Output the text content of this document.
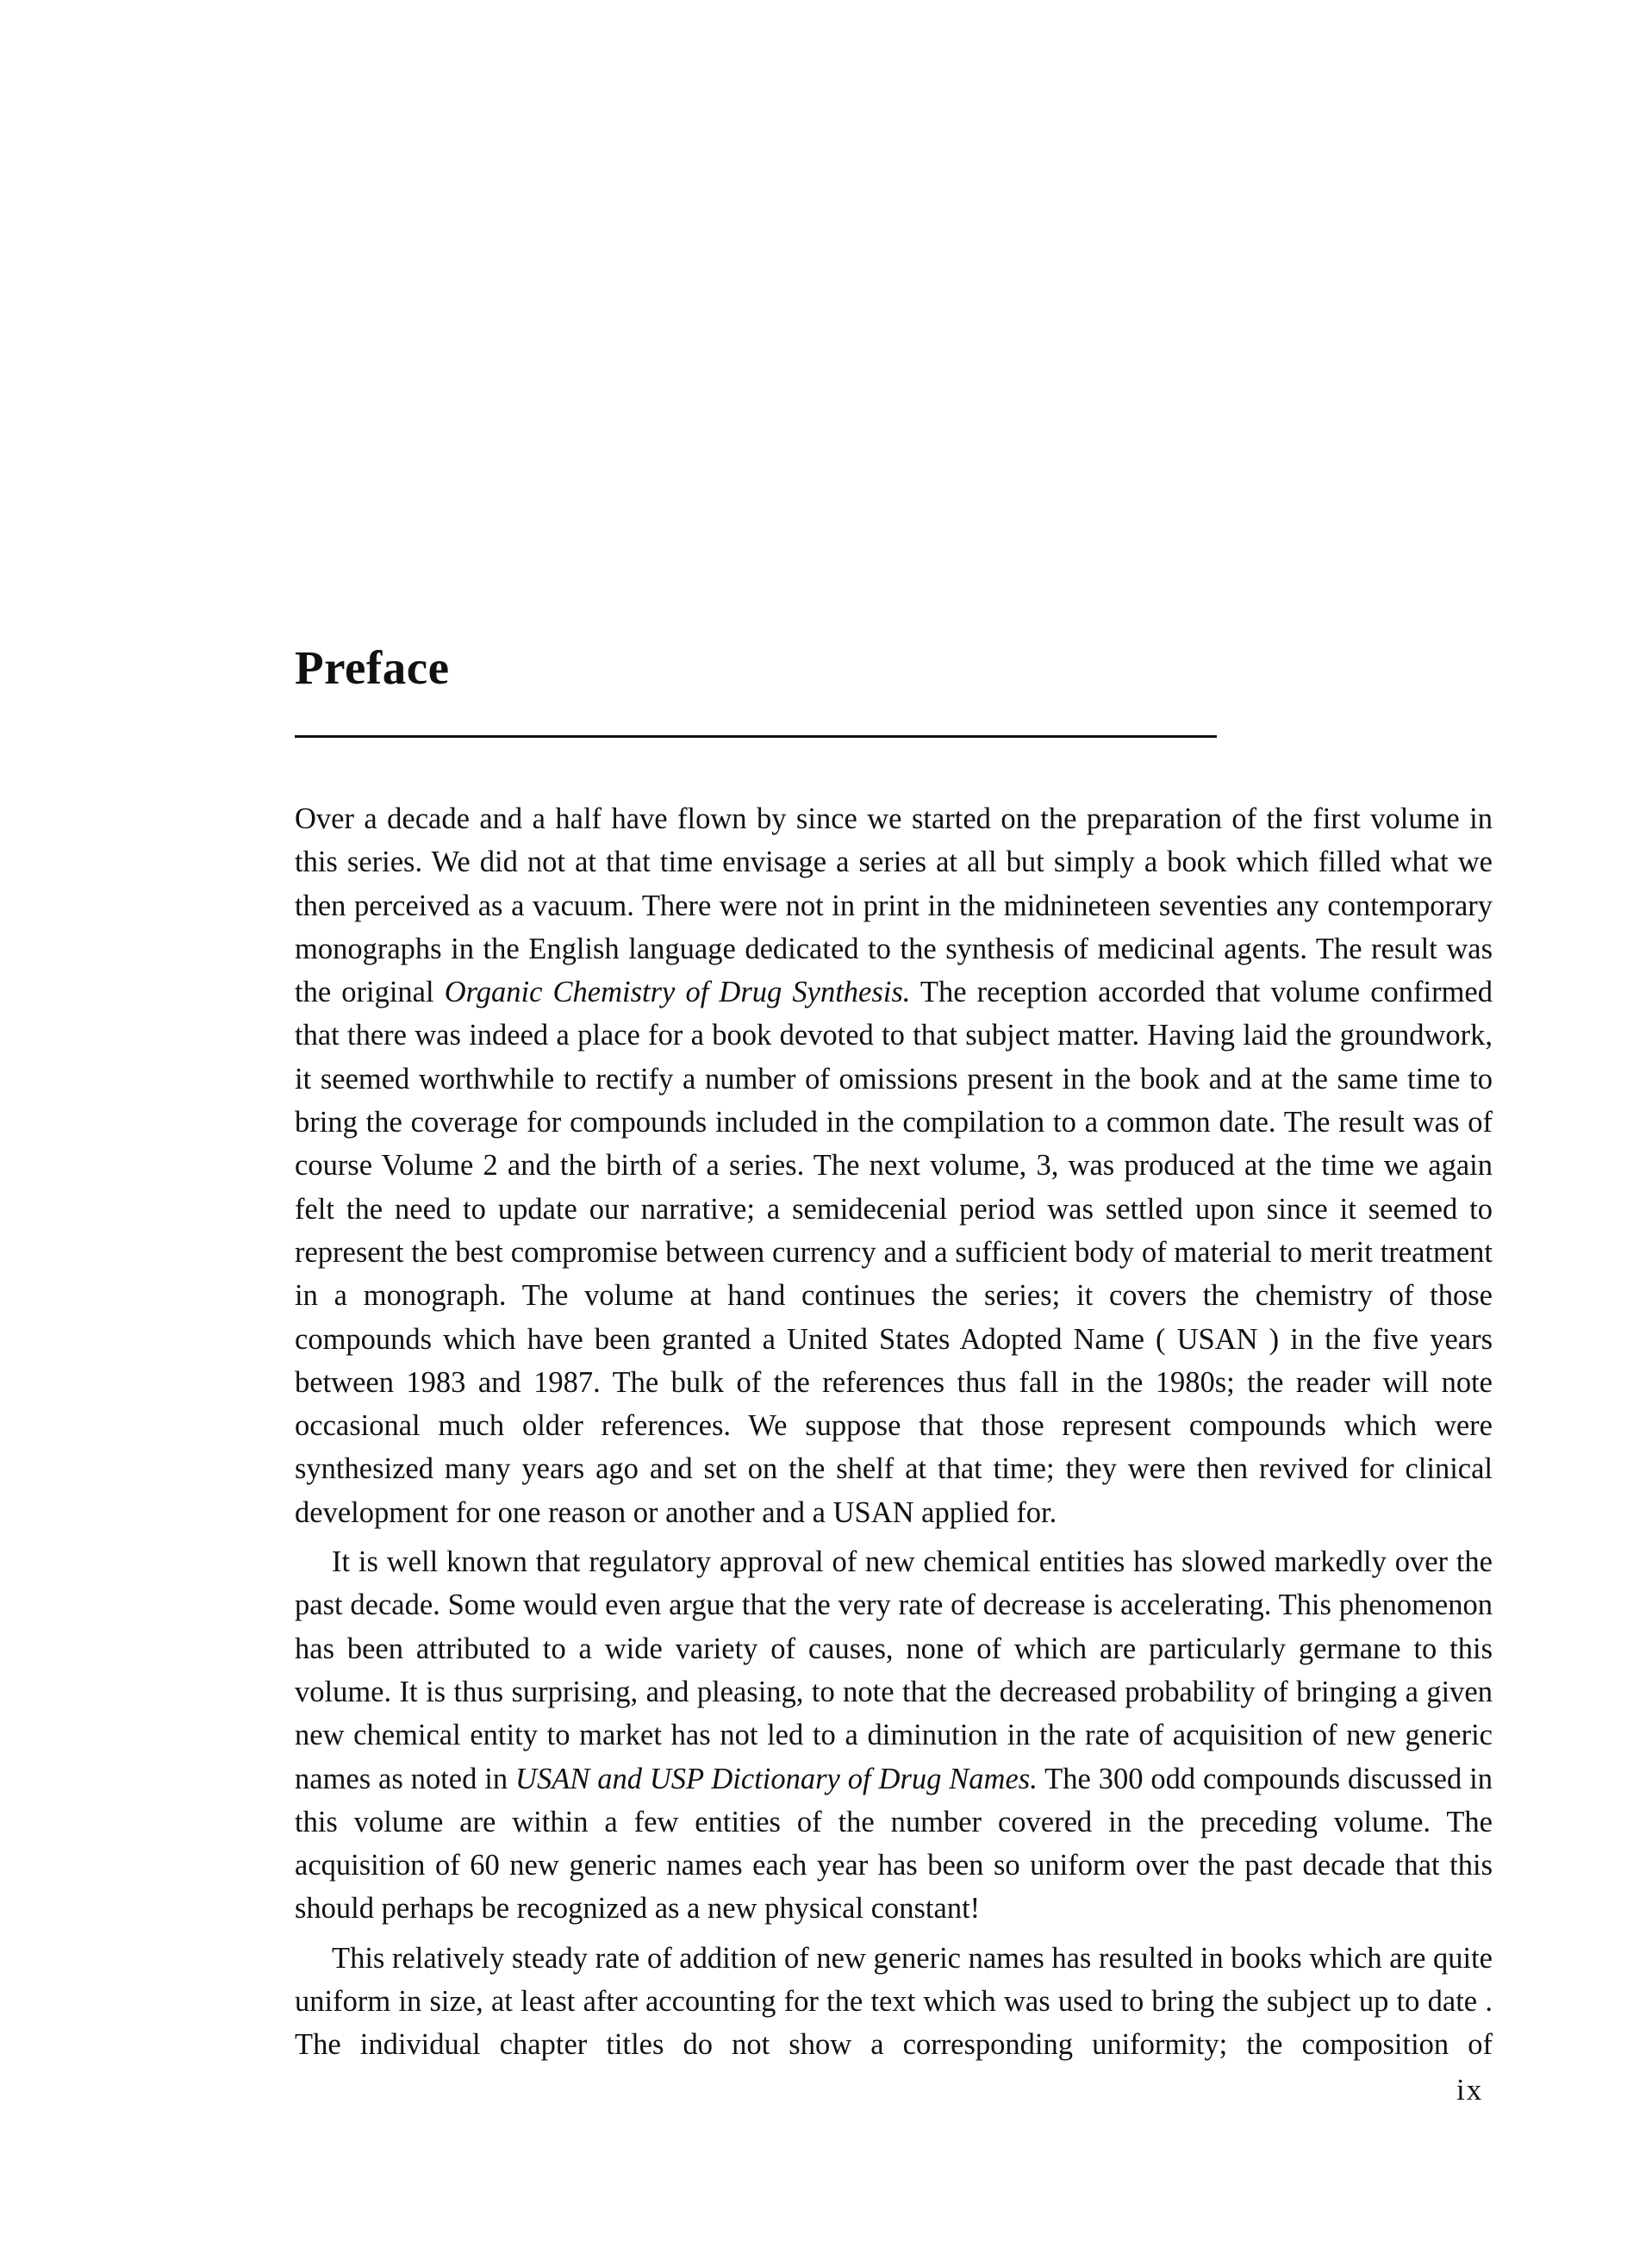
Preface

Over a decade and a half have flown by since we started on the preparation of the first volume in this series. We did not at that time envisage a series at all but simply a book which filled what we then perceived as a vacuum. There were not in print in the midnineteen seventies any contemporary monographs in the English language dedicated to the synthesis of medicinal agents. The result was the original Organic Chemistry of Drug Synthesis. The reception accorded that volume confirmed that there was indeed a place for a book devoted to that subject matter. Having laid the groundwork, it seemed worthwhile to rectify a number of omissions present in the book and at the same time to bring the coverage for compounds included in the compilation to a common date. The result was of course Volume 2 and the birth of a series. The next volume, 3, was produced at the time we again felt the need to update our narrative; a semidecenial period was settled upon since it seemed to represent the best compromise between currency and a sufficient body of material to merit treatment in a monograph. The volume at hand continues the series; it covers the chemistry of those compounds which have been granted a United States Adopted Name ( USAN ) in the five years between 1983 and 1987. The bulk of the references thus fall in the 1980s; the reader will note occasional much older references. We suppose that those represent compounds which were synthesized many years ago and set on the shelf at that time; they were then revived for clinical development for one reason or another and a USAN applied for.

It is well known that regulatory approval of new chemical entities has slowed markedly over the past decade. Some would even argue that the very rate of decrease is accelerating. This phenomenon has been attributed to a wide variety of causes, none of which are particularly germane to this volume. It is thus surprising, and pleasing, to note that the decreased probability of bringing a given new chemical entity to market has not led to a diminution in the rate of acquisition of new generic names as noted in USAN and USP Dictionary of Drug Names. The 300 odd compounds discussed in this volume are within a few entities of the number covered in the preceding volume. The acquisition of 60 new generic names each year has been so uniform over the past decade that this should perhaps be recognized as a new physical constant!

This relatively steady rate of addition of new generic names has resulted in books which are quite uniform in size, at least after accounting for the text which was used to bring the subject up to date . The individual chapter titles do not show a corresponding uniformity; the composition of

ix
